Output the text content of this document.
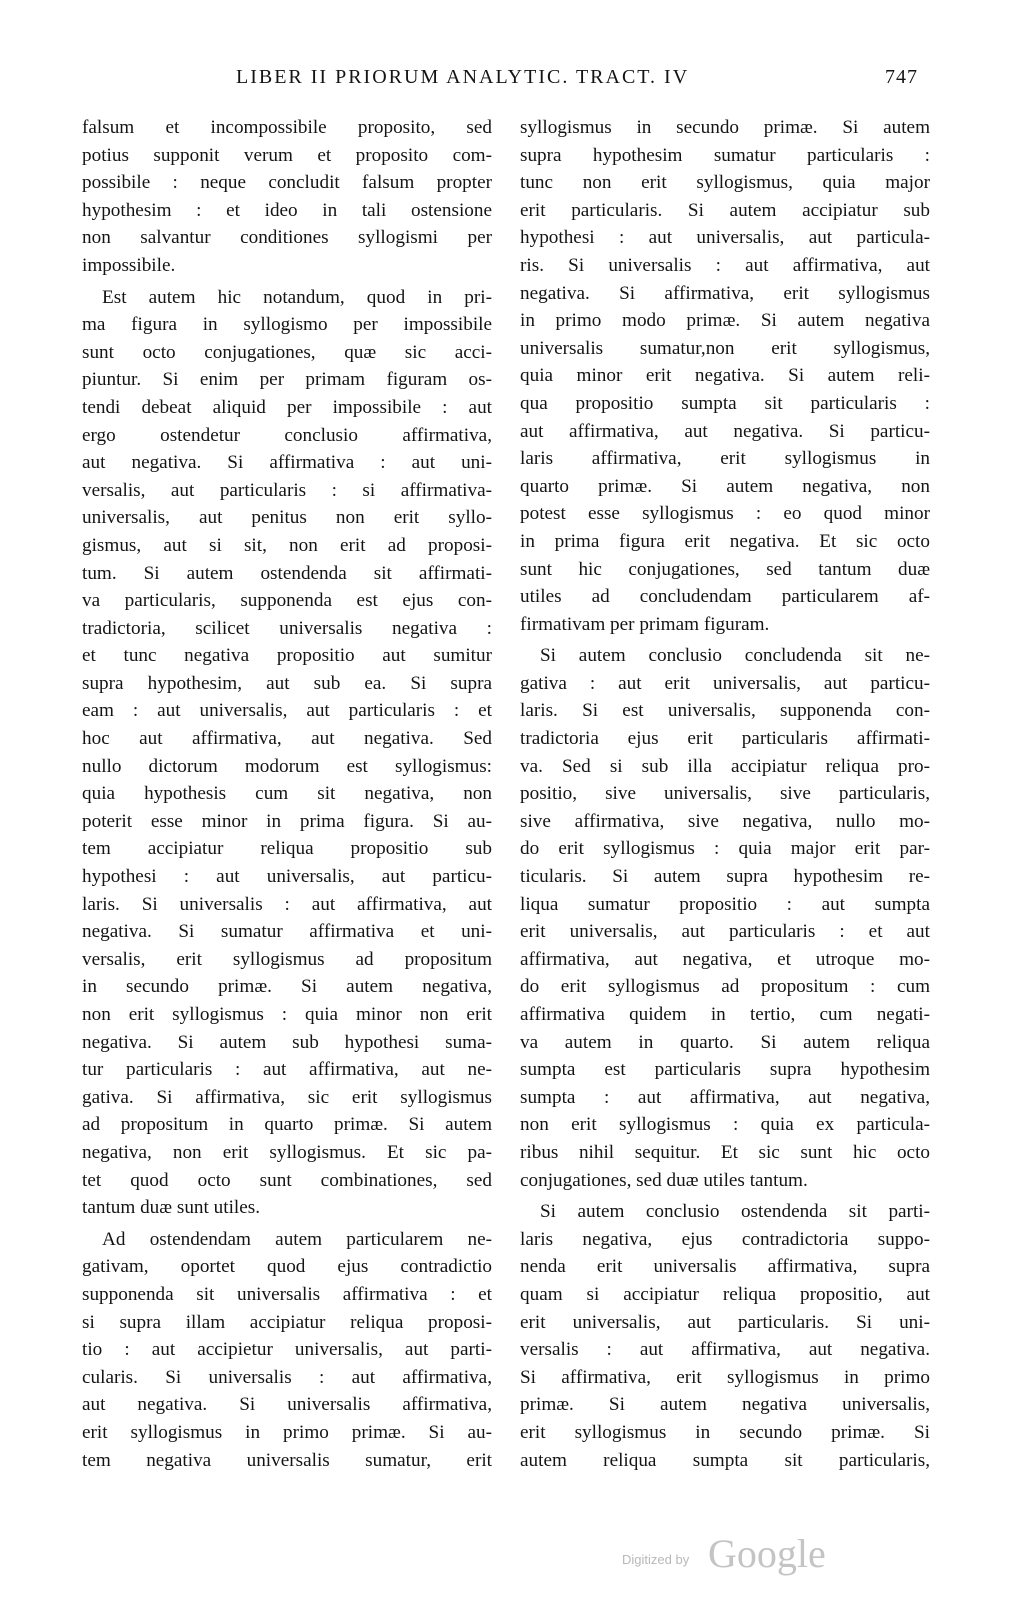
LIBER II PRIORUM ANALYTIC. TRACT. IV	747
falsum et incompossibile proposito, sed
potius supponit verum et proposito com-
possibile : neque concludit falsum propter
hypothesim : et ideo in tali ostensione
non salvantur conditiones syllogismi per
impossibile.
Est autem hic notandum, quod in pri-
ma figura in syllogismo per impossibile
sunt octo conjugationes, quæ sic acci-
piuntur. Si enim per primam figuram os-
tendi debeat aliquid per impossibile : aut
ergo ostendetur conclusio affirmativa,
aut negativa. Si affirmativa : aut uni-
versalis, aut particularis : si affirmativa-
universalis, aut penitus non erit syllo-
gismus, aut si sit, non erit ad proposi-
tum. Si autem ostendenda sit affirmati-
va particularis, supponenda est ejus con-
tradictoria, scilicet universalis negativa :
et tunc negativa propositio aut sumitur
supra hypothesim, aut sub ea. Si supra
eam : aut universalis, aut particularis : et
hoc aut affirmativa, aut negativa. Sed
nullo dictorum modorum est syllogismus:
quia hypothesis cum sit negativa, non
poterit esse minor in prima figura. Si au-
tem accipiatur reliqua propositio sub
hypothesi : aut universalis, aut particu-
laris. Si universalis : aut affirmativa, aut
negativa. Si sumatur affirmativa et uni-
versalis, erit syllogismus ad propositum
in secundo primæ. Si autem negativa,
non erit syllogismus : quia minor non erit
negativa. Si autem sub hypothesi suma-
tur particularis : aut affirmativa, aut ne-
gativa. Si affirmativa, sic erit syllogismus
ad propositum in quarto primæ. Si autem
negativa, non erit syllogismus. Et sic pa-
tet quod octo sunt combinationes, sed
tantum duæ sunt utiles.
Ad ostendendam autem particularem ne-
gativam, oportet quod ejus contradictio
supponenda sit universalis affirmativa : et
si supra illam accipiatur reliqua proposi-
tio : aut accipietur universalis, aut parti-
cularis. Si universalis : aut affirmativa,
aut negativa. Si universalis affirmativa,
erit syllogismus in primo primæ. Si au-
tem negativa universalis sumatur, erit
syllogismus in secundo primæ. Si autem
supra hypothesim sumatur particularis :
tunc non erit syllogismus, quia major
erit particularis. Si autem accipiatur sub
hypothesi : aut universalis, aut particula-
ris. Si universalis : aut affirmativa, aut
negativa. Si affirmativa, erit syllogismus
in primo modo primæ. Si autem negativa
universalis sumatur,non erit syllogismus,
quia minor erit negativa. Si autem reli-
qua propositio sumpta sit particularis :
aut affirmativa, aut negativa. Si particu-
laris affirmativa, erit syllogismus in
quarto primæ. Si autem negativa, non
potest esse syllogismus : eo quod minor
in prima figura erit negativa. Et sic octo
sunt hic conjugationes, sed tantum duæ
utiles ad concludendam particularem af-
firmativam per primam figuram.
Si autem conclusio concludenda sit ne-
gativa : aut erit universalis, aut particu-
laris. Si est universalis, supponenda con-
tradictoria ejus erit particularis affirmati-
va. Sed si sub illa accipiatur reliqua pro-
positio, sive universalis, sive particularis,
sive affirmativa, sive negativa, nullo mo-
do erit syllogismus : quia major erit par-
ticularis. Si autem supra hypothesim re-
liqua sumatur propositio : aut sumpta
erit universalis, aut particularis : et aut
affirmativa, aut negativa, et utroque mo-
do erit syllogismus ad propositum : cum
affirmativa quidem in tertio, cum negati-
va autem in quarto. Si autem reliqua
sumpta est particularis supra hypothesim
sumpta : aut affirmativa, aut negativa,
non erit syllogismus : quia ex particula-
ribus nihil sequitur. Et sic sunt hic octo
conjugationes, sed duæ utiles tantum.
Si autem conclusio ostendenda sit parti-
laris negativa, ejus contradictoria suppo-
nenda erit universalis affirmativa, supra
quam si accipiatur reliqua propositio, aut
erit universalis, aut particularis. Si uni-
versalis : aut affirmativa, aut negativa.
Si affirmativa, erit syllogismus in primo
primæ. Si autem negativa universalis,
erit syllogismus in secundo primæ. Si
autem reliqua sumpta sit particularis,
Digitized by Google
